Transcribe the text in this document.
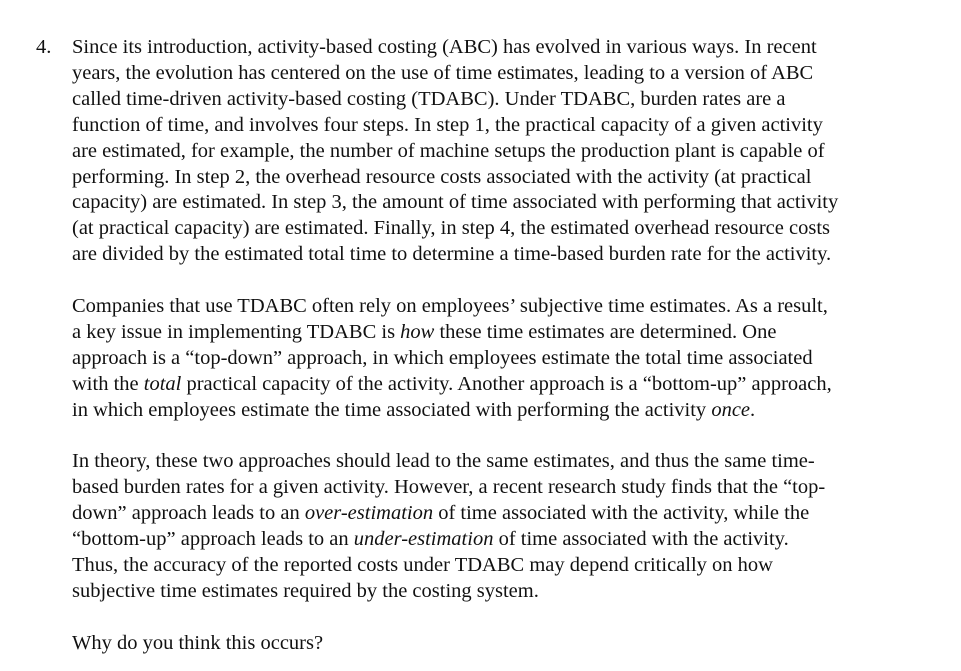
4. Since its introduction, activity-based costing (ABC) has evolved in various ways. In recent
years, the evolution has centered on the use of time estimates, leading to a version of ABC
called time-driven activity-based costing (TDABC). Under TDABC, burden rates are a
function of time, and involves four steps. In step 1, the practical capacity of a given activity
are estimated, for example, the number of machine setups the production plant is capable of
performing. In step 2, the overhead resource costs associated with the activity (at practical
capacity) are estimated. In step 3, the amount of time associated with performing that activity
(at practical capacity) are estimated. Finally, in step 4, the estimated overhead resource costs
are divided by the estimated total time to determine a time-based burden rate for the activity.

Companies that use TDABC often rely on employees’ subjective time estimates. As a result,
a key issue in implementing TDABC is how these time estimates are determined. One
approach is a “top-down” approach, in which employees estimate the total time associated
with the total practical capacity of the activity. Another approach is a “bottom-up” approach,
in which employees estimate the time associated with performing the activity once.

In theory, these two approaches should lead to the same estimates, and thus the same time-
based burden rates for a given activity. However, a recent research study finds that the “top-
down” approach leads to an over-estimation of time associated with the activity, while the
“bottom-up” approach leads to an under-estimation of time associated with the activity.
Thus, the accuracy of the reported costs under TDABC may depend critically on how
subjective time estimates required by the costing system.

Why do you think this occurs?
